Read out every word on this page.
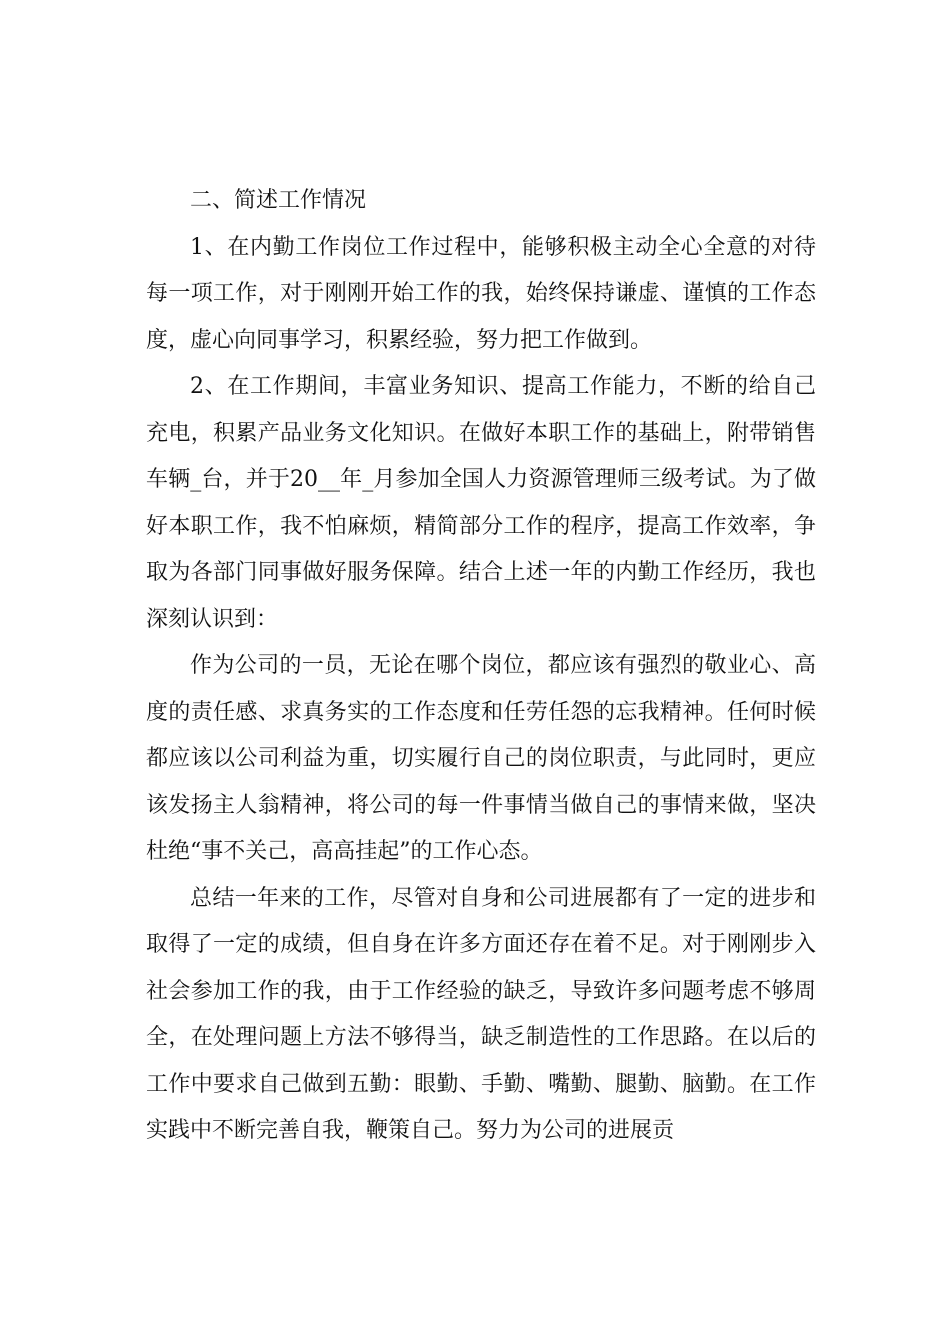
二、简述工作情况

1、在内勤工作岗位工作过程中，能够积极主动全心全意的对待每一项工作，对于刚刚开始工作的我，始终保持谦虚、谨慎的工作态度，虚心向同事学习，积累经验，努力把工作做到。

2、在工作期间，丰富业务知识、提高工作能力，不断的给自己充电，积累产品业务文化知识。在做好本职工作的基础上，附带销售车辆_台，并于20__年_月参加全国人力资源管理师三级考试。为了做好本职工作，我不怕麻烦，精简部分工作的程序，提高工作效率，争取为各部门同事做好服务保障。结合上述一年的内勤工作经历，我也深刻认识到：

作为公司的一员，无论在哪个岗位，都应该有强烈的敬业心、高度的责任感、求真务实的工作态度和任劳任怨的忘我精神。任何时候都应该以公司利益为重，切实履行自己的岗位职责，与此同时，更应该发扬主人翁精神，将公司的每一件事情当做自己的事情来做，坚决杜绝“事不关己，高高挂起”的工作心态。

总结一年来的工作，尽管对自身和公司进展都有了一定的进步和取得了一定的成绩，但自身在许多方面还存在着不足。对于刚刚步入社会参加工作的我，由于工作经验的缺乏，导致许多问题考虑不够周全，在处理问题上方法不够得当，缺乏制造性的工作思路。在以后的工作中要求自己做到五勤：眼勤、手勤、嘴勤、腿勤、脑勤。在工作实践中不断完善自我，鞭策自己。努力为公司的进展贡
